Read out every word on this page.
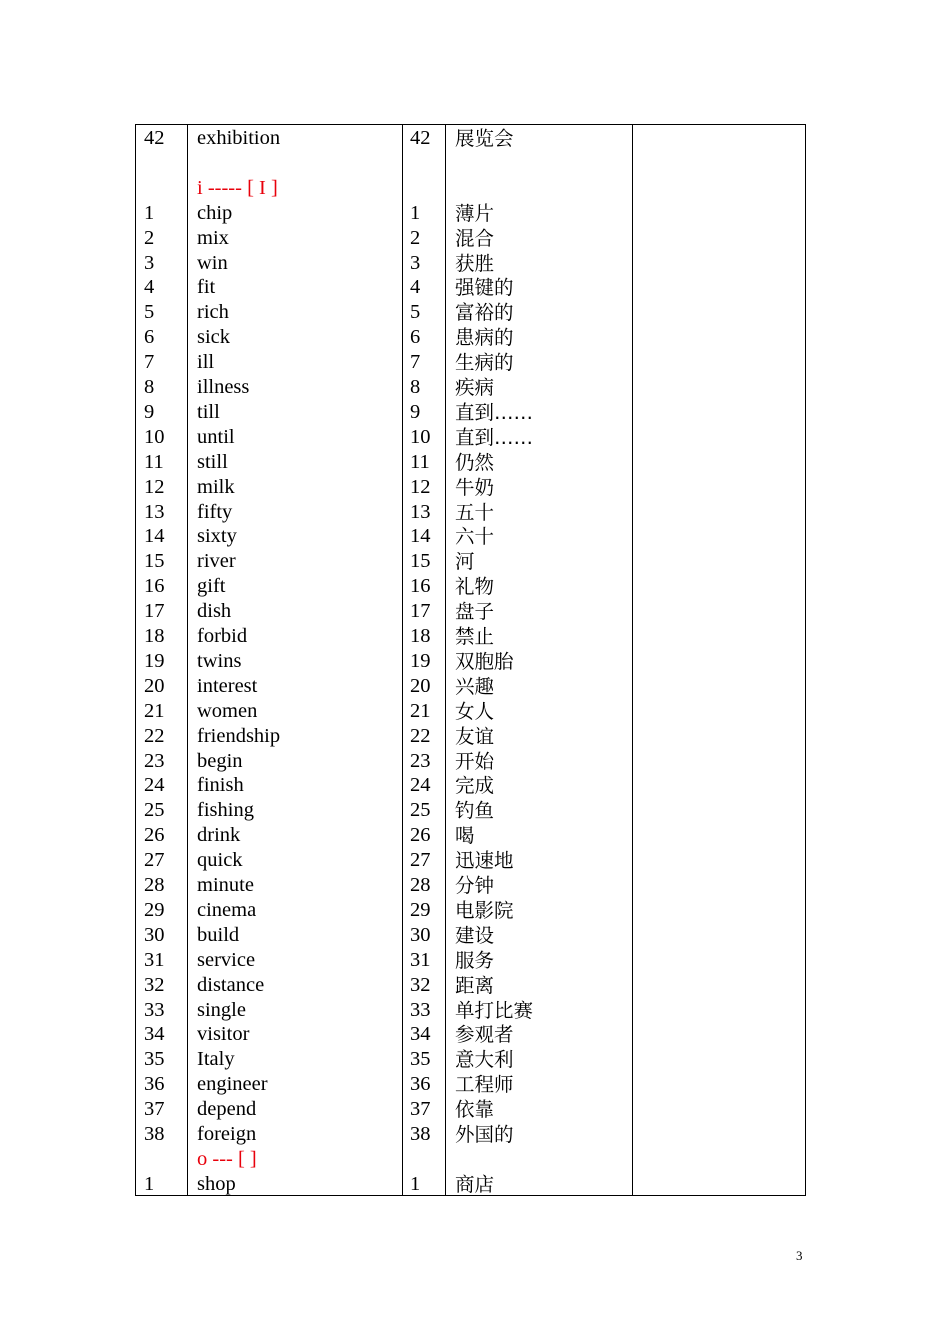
42
1
2
3
4
5
6
7
8
9
10
11
12
13
14
15
16
17
18
19
20
21
22
23
24
25
26
27
28
29
30
31
32
33
34
35
36
37
38
1
exhibition
i ----- [ I ]
chip
mix
win
fit
rich
sick
ill
illness
till
until
still
milk
fifty
sixty
river
gift
dish
forbid
twins
interest
women
friendship
begin
finish
fishing
drink
quick
minute
cinema
build
service
distance
single
visitor
Italy
engineer
depend
foreign
o --- [ ]
shop
42
1
2
3
4
5
6
7
8
9
10
11
12
13
14
15
16
17
18
19
20
21
22
23
24
25
26
27
28
29
30
31
32
33
34
35
36
37
38
1
展览会
薄片
混合
获胜
强键的
富裕的
患病的
生病的
疾病
直到……
直到……
仍然
牛奶
五十
六十
河
礼物
盘子
禁止
双胞胎
兴趣
女人
友谊
开始
完成
钓鱼
喝
迅速地
分钟
电影院
建设
服务
距离
单打比赛
参观者
意大利
工程师
依靠
外国的
商店
3
